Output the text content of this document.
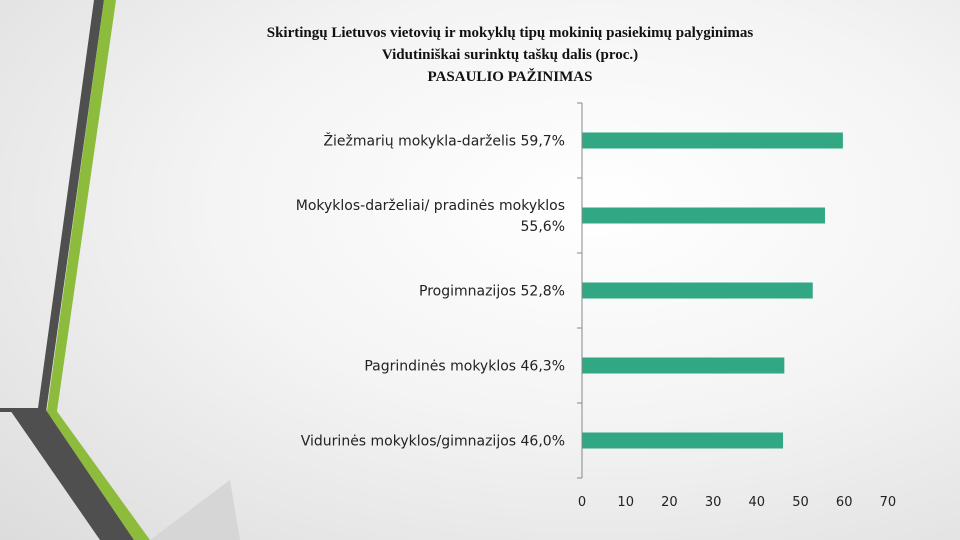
Skirtingų Lietuvos vietovių ir mokyklų tipų mokinių pasiekimų palyginimas
Vidutiniškai surinktų taškų dalis (proc.)
PASAULIO PAŽINIMAS
Žiežmarių mokykla-darželis 59,7%
Mokyklos-darželiai/ pradinės mokyklos 55,6%
Progimnazijos 52,8%
Pagrindinės mokyklos 46,3%
Vidurinės mokyklos/gimnazijos 46,0%
0 10 20 30 40 50 60 70
